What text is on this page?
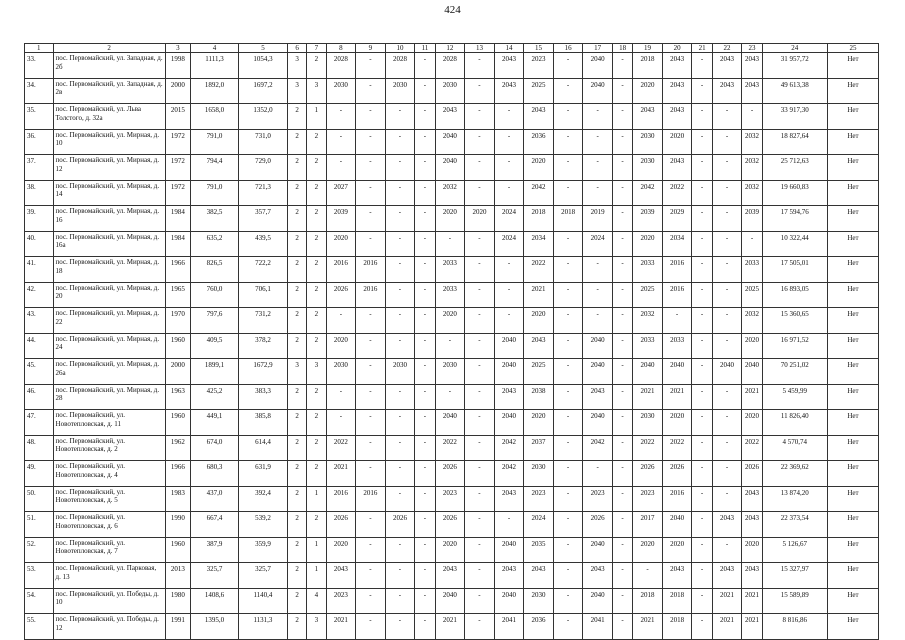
424
1	2	3	4	5	6	7	8	9	10	11	12	13	14	15	16	17	18	19	20	21	22	23	24	25
33.	пос. Первомайский, ул. Западная, д. 2б	1998	1111,3	1054,3	3	2	2028	-	2028	-	2028	-	2043	2023	-	2040	-	2018	2043	-	2043	2043	31 957,72	Нет
34.	пос. Первомайский, ул. Западная, д. 2в	2000	1892,0	1697,2	3	3	2030	-	2030	-	2030	-	2043	2025	-	2040	-	2020	2043	-	2043	2043	49 613,38	Нет
35.	пос. Первомайский, ул. Льва Толстого, д. 32а	2015	1658,0	1352,0	2	1	-	-	-	-	2043	-	-	2043	-	-	-	2043	2043	-	-	-	33 917,30	Нет
36.	пос. Первомайский, ул. Мирная, д. 10	1972	791,0	731,0	2	2	-	-	-	-	2040	-	-	2036	-	-	-	2030	2020	-	-	2032	18 827,64	Нет
37.	пос. Первомайский, ул. Мирная, д. 12	1972	794,4	729,0	2	2	-	-	-	-	2040	-	-	2020	-	-	-	2030	2043	-	-	2032	25 712,63	Нет
38.	пос. Первомайский, ул. Мирная, д. 14	1972	791,0	721,3	2	2	2027	-	-	-	2032	-	-	2042	-	-	-	2042	2022	-	-	2032	19 660,83	Нет
39.	пос. Первомайский, ул. Мирная, д. 16	1984	382,5	357,7	2	2	2039	-	-	-	2020	2020	2024	2018	2018	2019	-	2039	2029	-	-	2039	17 594,76	Нет
40.	пос. Первомайский, ул. Мирная, д. 16а	1984	635,2	439,5	2	2	2020	-	-	-	-	-	2024	2034	-	2024	-	2020	2034	-	-	-	10 322,44	Нет
41.	пос. Первомайский, ул. Мирная, д. 18	1966	826,5	722,2	2	2	2016	2016	-	-	2033	-	-	2022	-	-	-	2033	2016	-	-	2033	17 505,01	Нет
42.	пос. Первомайский, ул. Мирная, д. 20	1965	760,0	706,1	2	2	2026	2016	-	-	2033	-	-	2021	-	-	-	2025	2016	-	-	2025	16 893,05	Нет
43.	пос. Первомайский, ул. Мирная, д. 22	1970	797,6	731,2	2	2	-	-	-	-	2020	-	-	2020	-	-	-	2032	-	-	-	2032	15 360,65	Нет
44.	пос. Первомайский, ул. Мирная, д. 24	1960	409,5	378,2	2	2	2020	-	-	-	-	-	2040	2043	-	2040	-	2033	2033	-	-	2020	16 971,52	Нет
45.	пос. Первомайский, ул. Мирная, д. 26а	2000	1899,1	1672,9	3	3	2030	-	2030	-	2030	-	2040	2025	-	2040	-	2040	2040	-	2040	2040	70 251,02	Нет
46.	пос. Первомайский, ул. Мирная, д. 28	1963	425,2	383,3	2	2	-	-	-	-	-	-	2043	2038	-	2043	-	2021	2021	-	-	2021	5 459,99	Нет
47.	пос. Первомайский, ул. Новотепловская, д. 11	1960	449,1	385,8	2	2	-	-	-	-	2040	-	2040	2020	-	2040	-	2030	2020	-	-	2020	11 826,40	Нет
48.	пос. Первомайский, ул. Новотепловская, д. 2	1962	674,0	614,4	2	2	2022	-	-	-	2022	-	2042	2037	-	2042	-	2022	2022	-	-	2022	4 570,74	Нет
49.	пос. Первомайский, ул. Новотепловская, д. 4	1966	680,3	631,9	2	2	2021	-	-	-	2026	-	2042	2030	-	-	-	2026	2026	-	-	2026	22 369,62	Нет
50.	пос. Первомайский, ул. Новотепловская, д. 5	1983	437,0	392,4	2	1	2016	2016	-	-	2023	-	2043	2023	-	2023	-	2023	2016	-	-	2043	13 874,20	Нет
51.	пос. Первомайский, ул. Новотепловская, д. 6	1990	667,4	539,2	2	2	2026	-	2026	-	2026	-	-	2024	-	2026	-	2017	2040	-	2043	2043	22 373,54	Нет
52.	пос. Первомайский, ул. Новотепловская, д. 7	1960	387,9	359,9	2	1	2020	-	-	-	2020	-	2040	2035	-	2040	-	2020	2020	-	-	2020	5 126,67	Нет
53.	пос. Первомайский, ул. Парковая, д. 13	2013	325,7	325,7	2	1	2043	-	-	-	2043	-	2043	2043	-	2043	-	-	2043	-	2043	2043	15 327,97	Нет
54.	пос. Первомайский, ул. Победы, д. 10	1980	1408,6	1140,4	2	4	2023	-	-	-	2040	-	2040	2030	-	2040	-	2018	2018	-	2021	2021	15 589,89	Нет
55.	пос. Первомайский, ул. Победы, д. 12	1991	1395,0	1131,3	2	3	2021	-	-	-	2021	-	2041	2036	-	2041	-	2021	2018	-	2021	2021	8 816,86	Нет
